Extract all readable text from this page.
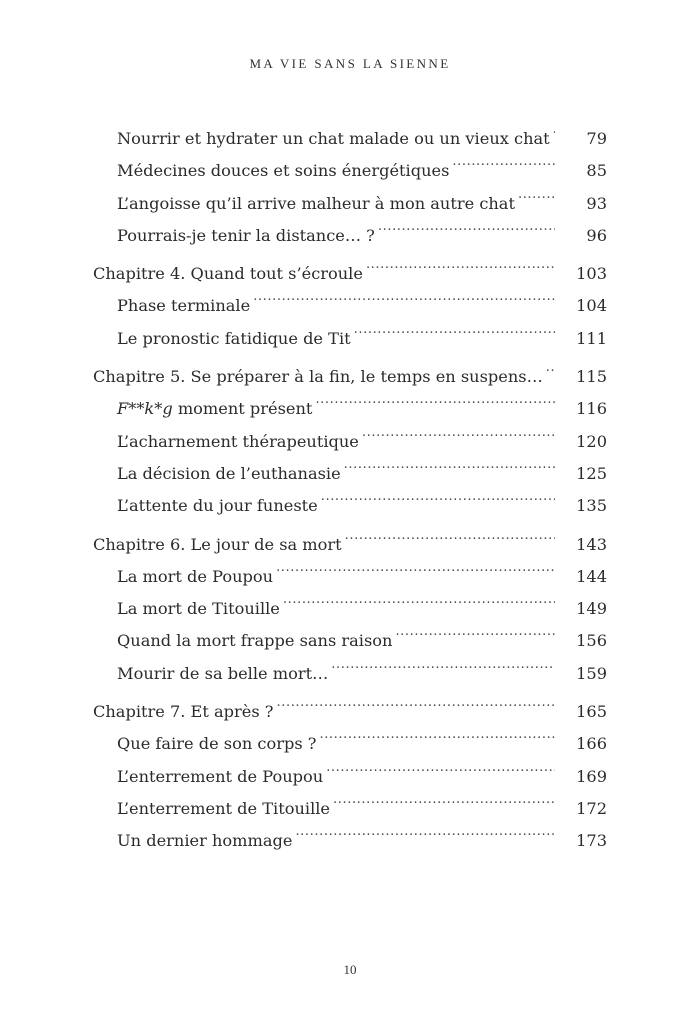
MA VIE SANS LA SIENNE
Nourrir et hydrater un chat malade ou un vieux chat .....	79
Médecines douces et soins énergétiques .....	85
L’angoisse qu’il arrive malheur à mon autre chat .....	93
Pourrais-je tenir la distance… ? .....	96
Chapitre 4. Quand tout s’écroule .....	103
Phase terminale .....	104
Le pronostic fatidique de Tit .....	111
Chapitre 5. Se préparer à la fin, le temps en suspens… .....	115
F**k*g moment présent .....	116
L’acharnement thérapeutique .....	120
La décision de l’euthanasie .....	125
L’attente du jour funeste .....	135
Chapitre 6. Le jour de sa mort .....	143
La mort de Poupou .....	144
La mort de Titouille .....	149
Quand la mort frappe sans raison .....	156
Mourir de sa belle mort… .....	159
Chapitre 7. Et après ? .....	165
Que faire de son corps ? .....	166
L’enterrement de Poupou .....	169
L’enterrement de Titouille .....	172
Un dernier hommage .....	173
10
